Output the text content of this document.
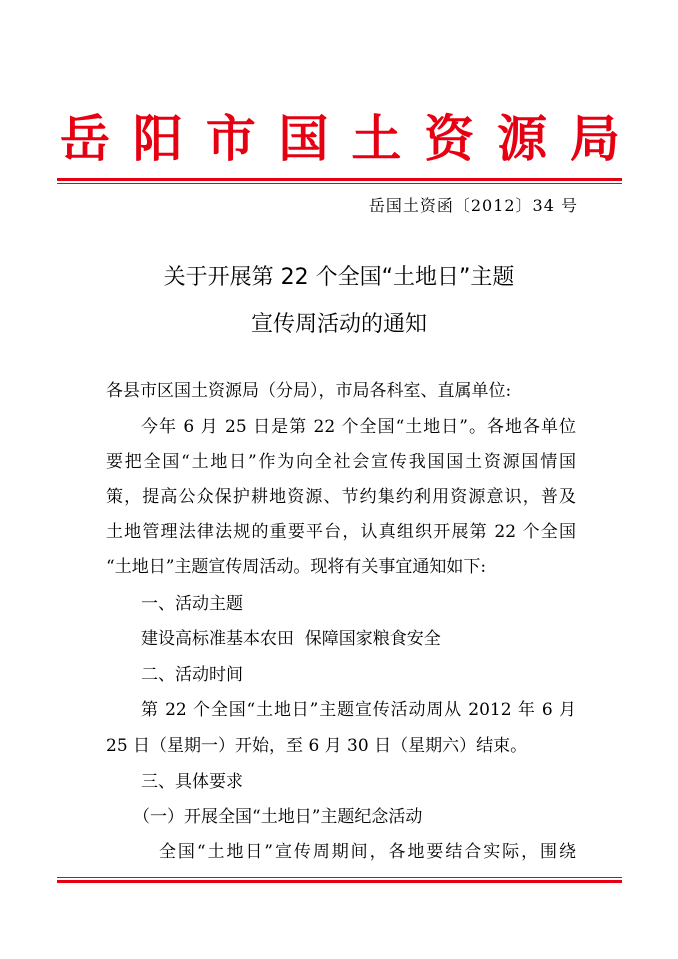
岳 阳 市 国 土 资 源 局
岳国土资函〔2012〕34 号
关于开展第 22 个全国“土地日”主题
宣传周活动的通知
各县市区国土资源局（分局），市局各科室、直属单位:
今年 6 月 25 日是第 22 个全国“土地日”。各地各单位
要把全国“土地日”作为向全社会宣传我国国土资源国情国
策，提高公众保护耕地资源、节约集约利用资源意识，普及
土地管理法律法规的重要平台，认真组织开展第 22 个全国
“土地日”主题宣传周活动。现将有关事宜通知如下:
一、活动主题
建设高标准基本农田  保障国家粮食安全
二、活动时间
第 22 个全国“土地日”主题宣传活动周从 2012 年 6 月
25 日（星期一）开始，至 6 月 30 日（星期六）结束。
三、具体要求
（一）开展全国“土地日”主题纪念活动
全国“土地日”宣传周期间，各地要结合实际，围绕
